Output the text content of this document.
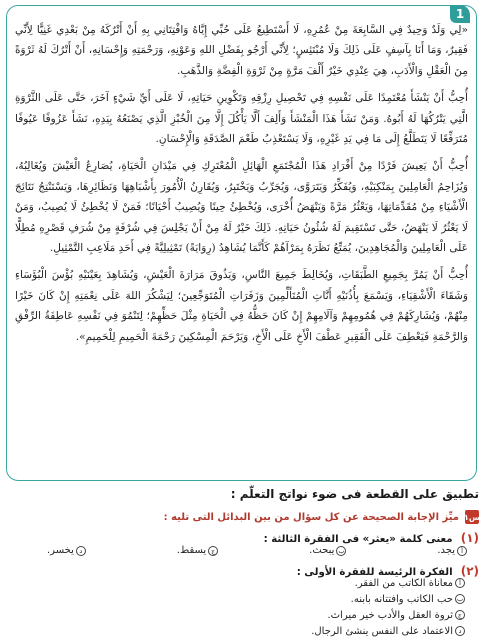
1

«لِي وَلَدٌ وَحِيدٌ فِي السَّابِعَةَ مِنْ عُمُرِهِ، لَا أَسْتَطِيعُ عَلَى حُبِّي إِيَّاهُ وَافْتِتَانِي بِهِ أَنْ أَتْرُكَهُ مِنْ بَعْدِي غَنِيًّا لِأَنِّي فَقِيرٌ، وَمَا أَنَا بِآسِفٍ عَلَى ذَلِكَ وَلَا مُبْتَئِسٍ؛ لِأَنِّي أَرْجُو بِفَضْلِ اللهِ وَعَوْنِهِ، وَرَحْمَتِهِ وَإِحْسَانِهِ، أَنْ أَتْرُكَ لَهُ ثَرْوَةً مِنَ الْعَقْلِ وَالْأَدَبِ، هِيَ عِنْدِي خَيْرٌ أَلْفَ مَرَّةٍ مِنْ ثَرْوَةِ الْفِضَّةِ وَالذَّهَبِ.

أُحِبُّ أَنْ يَنْشَأَ مُعْتَمِدًا عَلَى نَفْسِهِ فِي تَحْصِيلِ رِزْقِهِ وَتَكْوِينِ حَيَاتِهِ، لَا عَلَى أَيِّ شَيْءٍ آخَرَ، حَتَّى عَلَى الثَّرْوَةِ الَّتِي يَتْرُكُهَا لَهُ أَبُوهُ. وَمَنْ نَشَأَ هَذَا الْمَنْشَأَ وَأَلِفَ أَلَّا يَأْكُلَ إِلَّا مِنَ الْخُبْزِ الَّذِي يَصْنَعُهُ بِيَدِهِ، نَشَأَ عَزُوفًا عَيُوفًا مُتَرَفِّعًا لَا يَتَطَلَّعُ إِلَى مَا فِي يَدِ غَيْرِهِ، وَلَا يَسْتَعْذِبُ طَعْمَ الصَّدَقَةِ وَالْإِحْسَانِ.

أُحِبُّ أَنْ يَعِيشَ فَرْدًا مِنْ أَفْرَادِ هَذَا الْمُجْتَمَعِ الْهَائِلِ الْمُعْتَرِكِ فِي مَيْدَانِ الْحَيَاةِ، يُصَارِعُ الْعَيْشَ وَيُغَالِبُهُ، وَيُزَاحِمُ الْعَامِلِينَ بِمَنْكِبَيْهِ، وَيُفَكِّرُ وَيَتَرَوَّى، وَيُجَرِّبُ وَيَخْتَبِرُ، وَيُقَارِنُ الْأُمُورَ بِأَشْبَاهِهَا وَنَظَائِرِهَا، وَيَسْتَنْتِجُ نَتَائِجَ الْأَشْيَاءِ مِنْ مُقَدِّمَاتِهَا، وَيَعْثُرُ مَرَّةً وَيَنْهَضُ أُخْرَى، وَيُخْطِئُ حِينًا وَيُصِيبُ أَحْيَانًا؛ فَمَنْ لَا يُخْطِئُ لَا يُصِيبُ، وَمَنْ لَا يَعْثُرُ لَا يَنْهَضُ، حَتَّى تَسْتَقِيمَ لَهُ شُئُونُ حَيَاتِهِ. ذَلِكَ خَيْرٌ لَهُ مِنْ أَنْ يَجْلِسَ فِي شُرْفَةٍ مِنْ شُرَفِ قَصْرِهِ مُطِلًّا عَلَى الْعَامِلِينَ وَالْمُجَاهِدِينَ، يُمَتِّعُ نَظَرَهُ بِمَرْآهُمْ كَأَنَّمَا يُشَاهِدُ (رِوَايَةً) تَمْثِيلِيَّةً فِي أَحَدِ مَلَاعِبِ التَّمْثِيلِ.

أُحِبُّ أَنْ يَمُرَّ بِجَمِيعِ الطَّبَقَاتِ، وَيُخَالِطَ جَمِيعَ النَّاسِ، وَيَذُوقَ مَرَارَةَ الْعَيْشِ، وَيُشَاهِدَ بِعَيْنَيْهِ بُؤْسَ الْبُؤَسَاءِ وَشَقَاءَ الْأَشْقِيَاءِ، وَيَسْمَعَ بِأُذُنَيْهِ أَنَّاتِ الْمُتَأَلِّمِينَ وَزَفَرَاتِ الْمُتَوَجِّعِينَ؛ لِيَشْكُرَ اللهَ عَلَى نِعْمَتِهِ إِنْ كَانَ خَيْرًا مِنْهُمْ، وَيُشَارِكَهُمْ فِي هُمُومِهِمْ وَآلَامِهِمْ إِنْ كَانَ حَظُّهُ فِي الْحَيَاةِ مِثْلَ حَظِّهِمْ؛ لِتَنْمُوَ فِي نَفْسِهِ عَاطِفَةُ الرِّفْقِ وَالرَّحْمَةِ فَيَعْطِفَ عَلَى الْفَقِيرِ عَطْفَ الْأَخِ عَلَى الْأَخِ، وَيَرْحَمَ الْمِسْكِينَ رَحْمَةَ الْحَمِيمِ لِلْحَمِيمِ».

تطبيق على القطعة فى ضوء نواتج التعلّم :
س١
ميِّز الإجابة الصحيحة عن كل سؤال من بين البدائل التى تليه :
(١) معنى كلمة «يعثر» فى الفقرة الثالثة :
أ
يجد.
ب
يبحث.
ج
يسقط.
د
يخسر.
(٢) الفكرة الرئيسة للفقرة الأولى :
أ
معاناة الكاتب من الفقر.
ب
حب الكاتب وافتتانه بابنه.
ج
ثروة العقل والأدب خير ميراث.
د
الاعتماد على النفس ينشئ الرجال.
